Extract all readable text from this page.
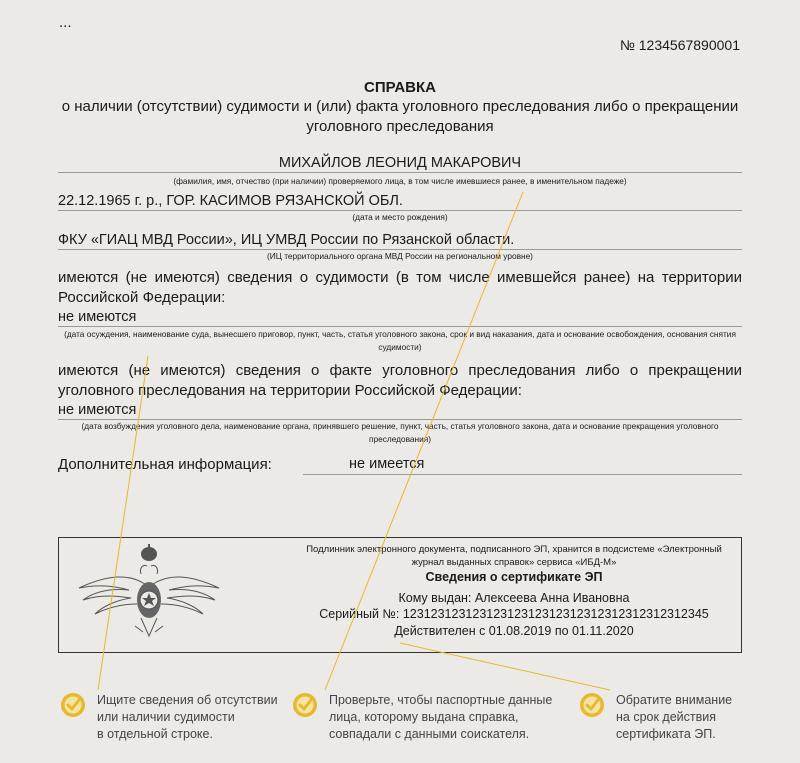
...
№ 1234567890001
СПРАВКА
о наличии (отсутствии) судимости и (или) факта уголовного преследования либо о прекращении уголовного преследования
МИХАЙЛОВ ЛЕОНИД МАКАРОВИЧ
(фамилия, имя, отчество (при наличии) проверяемого лица, в том числе имевшиеся ранее, в именительном падеже)
22.12.1965 г. р., ГОР. КАСИМОВ РЯЗАНСКОЙ ОБЛ.
(дата и место рождения)
ФКУ «ГИАЦ МВД России», ИЦ УМВД России по Рязанской области.
(ИЦ территориального органа МВД России на региональном уровне)
имеются (не имеются) сведения о судимости (в том числе имевшейся ранее) на территории Российской Федерации:
не имеются
(дата осуждения, наименование суда, вынесшего приговор, пункт, часть, статья уголовного закона, срок и вид наказания, дата и основание освобождения, основания снятия судимости)
имеются (не имеются) сведения о факте уголовного преследования либо о прекращении уголовного преследования на территории Российской Федерации:
не имеются
(дата возбуждения уголовного дела, наименование органа, принявшего решение, пункт, часть, статья уголовного закона, дата и основание прекращения уголовного преследования)
Дополнительная информация:	не имеется
Подлинник электронного документа, подписанного ЭП, хранится в подсистеме «Электронный журнал выданных справок» сервиса «ИБД-М»
Сведения о сертификате ЭП
Кому выдан: Алексеева Анна Ивановна
Серийный №: 12312312312312312312312312312312312312312345
Действителен с 01.08.2019 по 01.11.2020
Ищите сведения об отсутствии
или наличии судимости
в отдельной строке.
Проверьте, чтобы паспортные данные
лица, которому выдана справка,
совпадали с данными соискателя.
Обратите внимание
на срок действия
сертификата ЭП.
